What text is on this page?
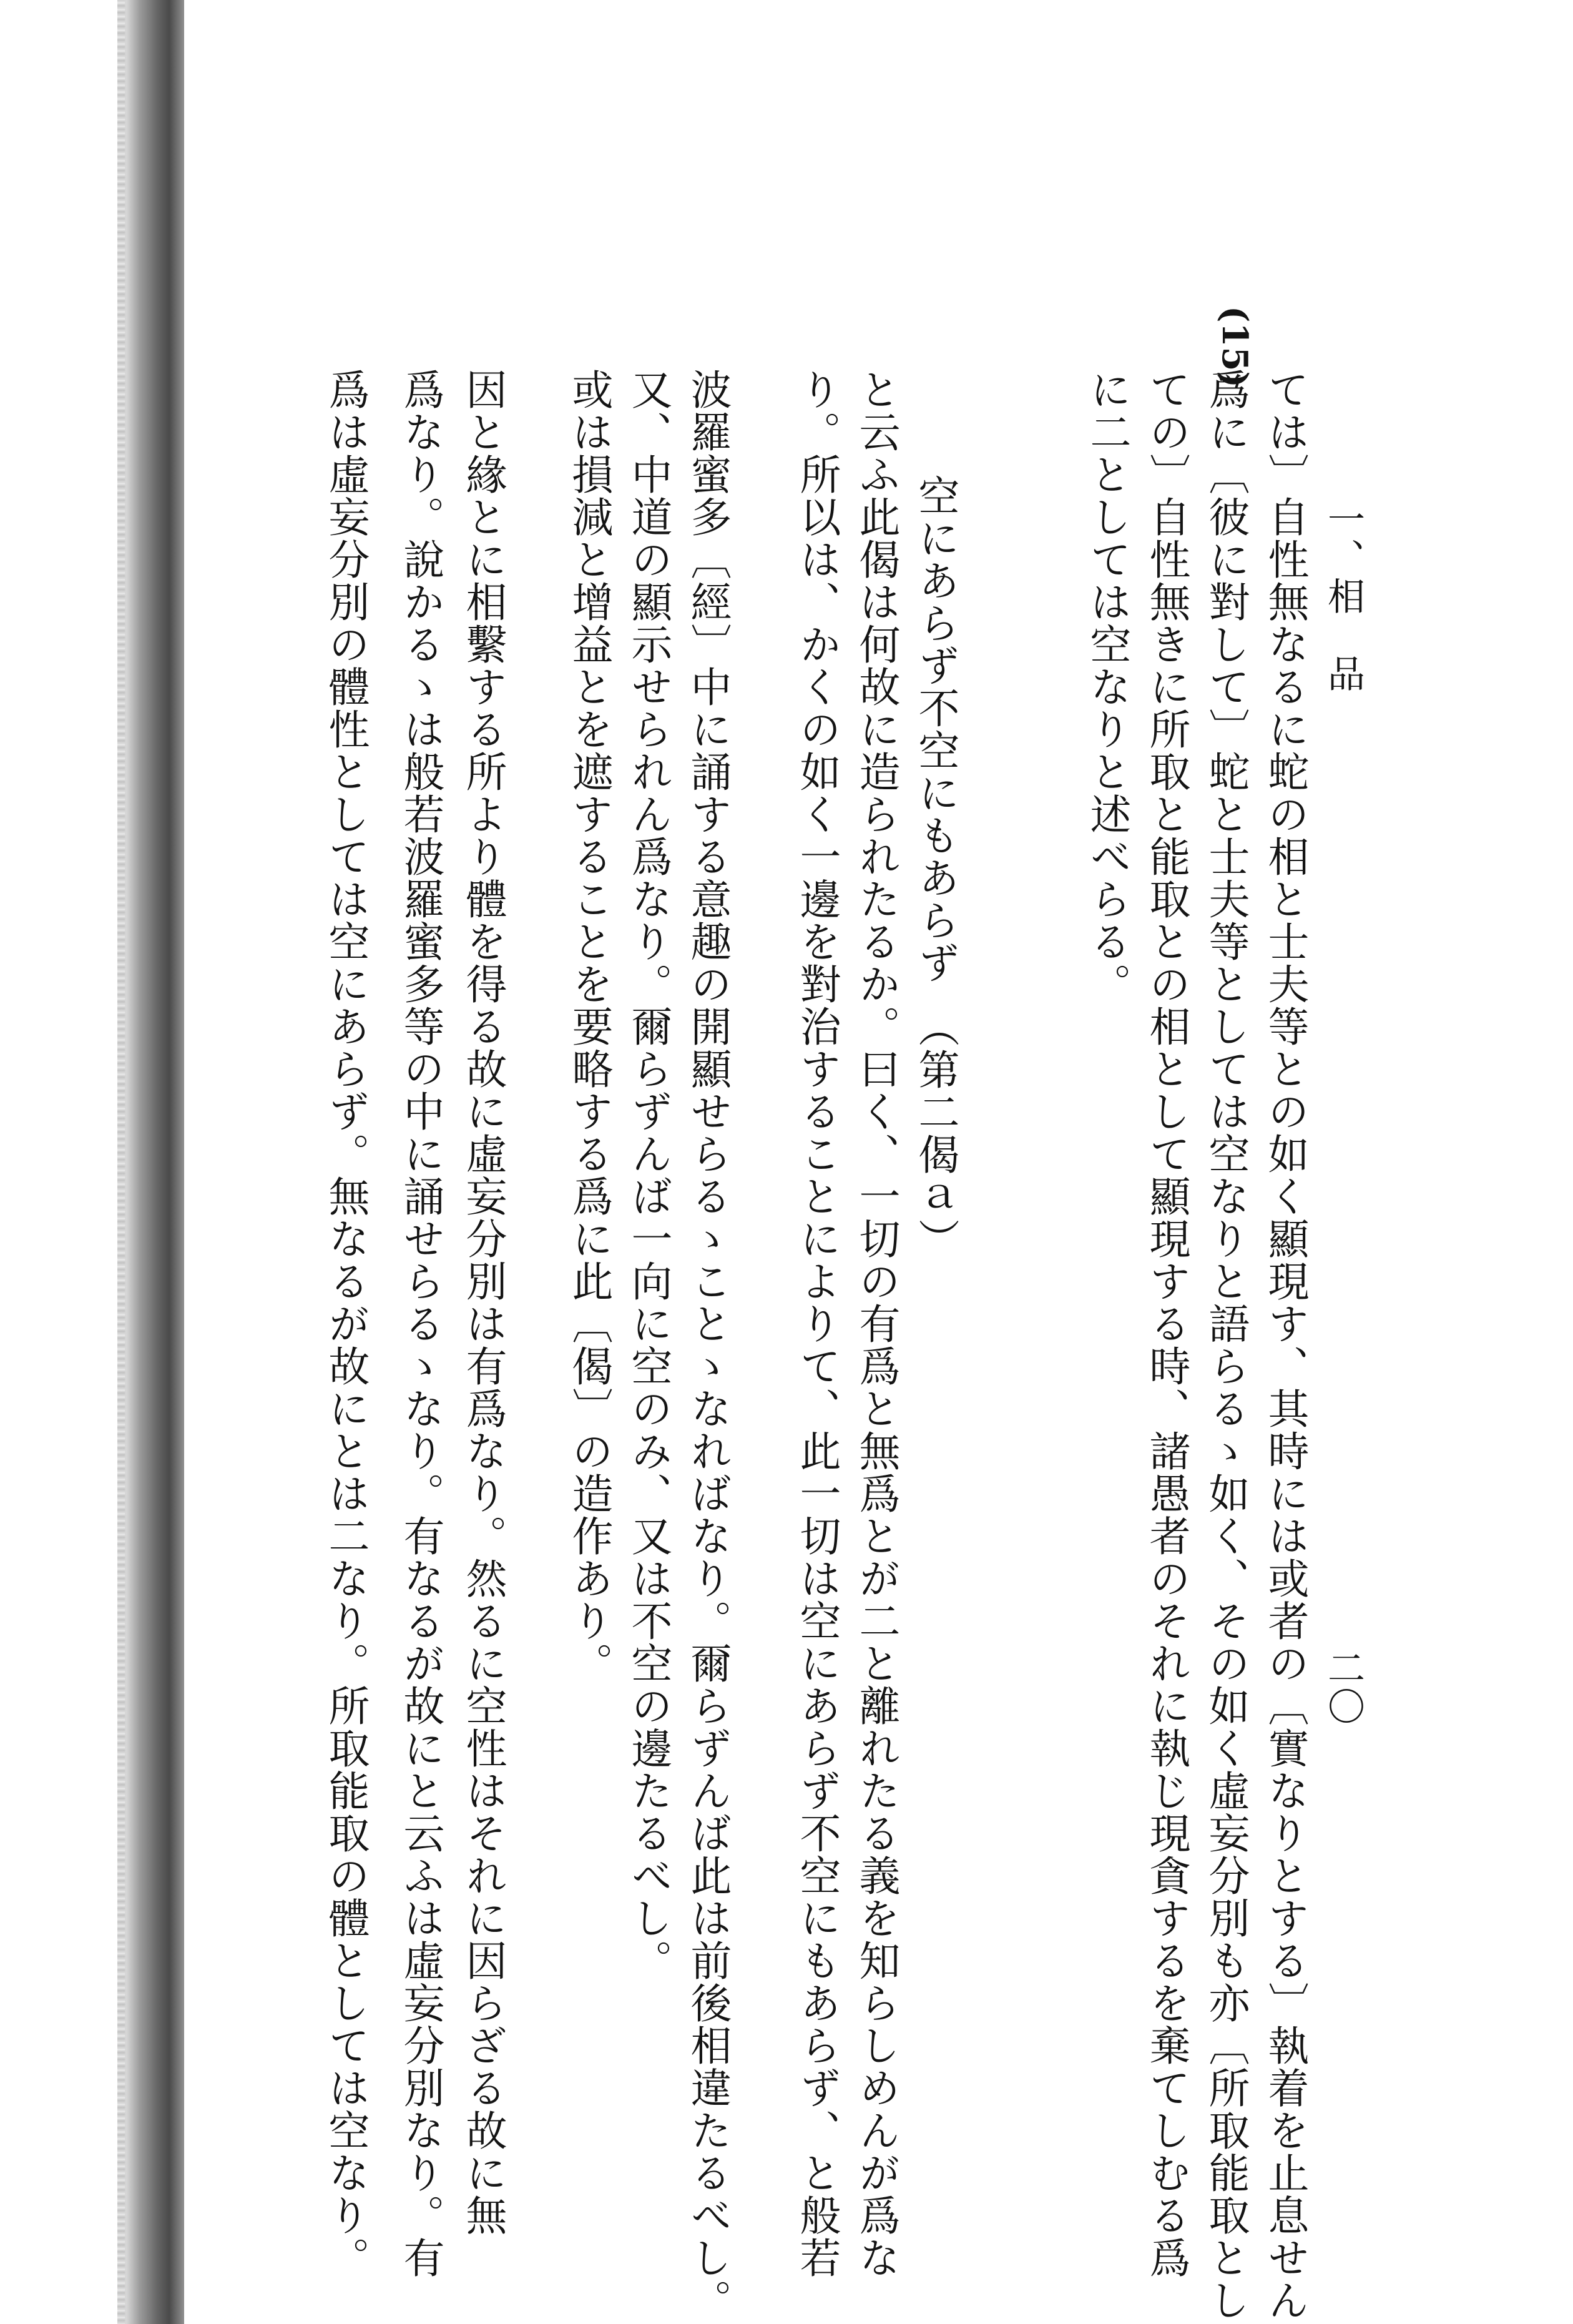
一、相　品
二〇
(15)
ては〕自性無なるに蛇の相と士夫等との如く顯現す、其時には或者の〔實なりとする〕執着を止息せん
爲に〔彼に對して〕蛇と士夫等としては空なりと語らるゝ如く、その如く虛妄分別も亦〔所取能取とし
ての〕自性無きに所取と能取との相として顯現する時、諸愚者のそれに執じ現貪するを棄てしむる爲
に二としては空なりと述べらる。
空にあらず不空にもあらず　（第二偈ａ）
と云ふ此偈は何故に造られたるか。曰く、一切の有爲と無爲とが二と離れたる義を知らしめんが爲な
り。所以は、かくの如く一邊を對治することによりて、此一切は空にあらず不空にもあらず、と般若
波羅蜜多〔經〕中に誦する意趣の開顯せらるゝことゝなればなり。爾らずんば此は前後相違たるべし。
又、中道の顯示せられん爲なり。爾らずんば一向に空のみ、又は不空の邊たるべし。
或は損減と增益とを遮することを要略する爲に此〔偈〕の造作あり。
因と緣とに相繫する所より體を得る故に虛妄分別は有爲なり。然るに空性はそれに因らざる故に無
爲なり。說かるゝは般若波羅蜜多等の中に誦せらるゝなり。有なるが故にと云ふは虛妄分別なり。有
爲は虛妄分別の體性としては空にあらず。無なるが故にとは二なり。所取能取の體としては空なり。
